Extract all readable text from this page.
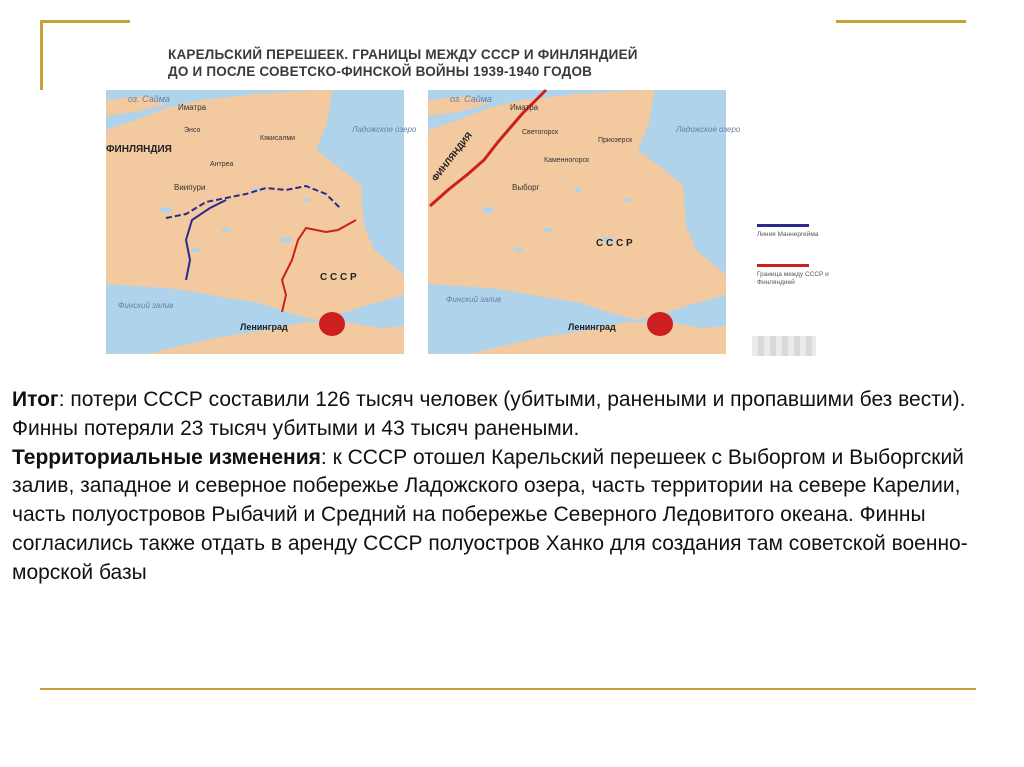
КАРЕЛЬСКИЙ ПЕРЕШЕЕК. ГРАНИЦЫ МЕЖДУ СССР И ФИНЛЯНДИЕЙ
ДО И ПОСЛЕ СОВЕТСКО-ФИНСКОЙ ВОЙНЫ 1939-1940 ГОДОВ
оз. Сайма
Иматра
Энсо
Кякисалми
Ладожское озеро
ФИНЛЯНДИЯ
Антреа
Виипури
С С С Р
Финский залив
Ленинград
оз. Сайма
Иматра
Светогорск
Приозерск
Каменногорск
Ладожское озеро
ФИНЛЯНДИЯ
Выборг
С С С Р
Финский залив
Ленинград
Линия Маннергейма
Граница между СССР и Финляндией

Итог: потери СССР составили 126 тысяч человек (убитыми, ранеными и пропавшими без вести). Финны потеряли 23 тысяч убитыми и 43 тысяч ранеными.

Территориальные изменения: к СССР отошел Карельский перешеек с Выборгом и Выборгский залив, западное и северное побережье Ладожского озера, часть территории на севере Карелии, часть полуостровов Рыбачий и Средний на побережье Северного Ледовитого океана. Финны согласились также отдать в аренду СССР полуостров Ханко для создания там советской военно-морской базы
